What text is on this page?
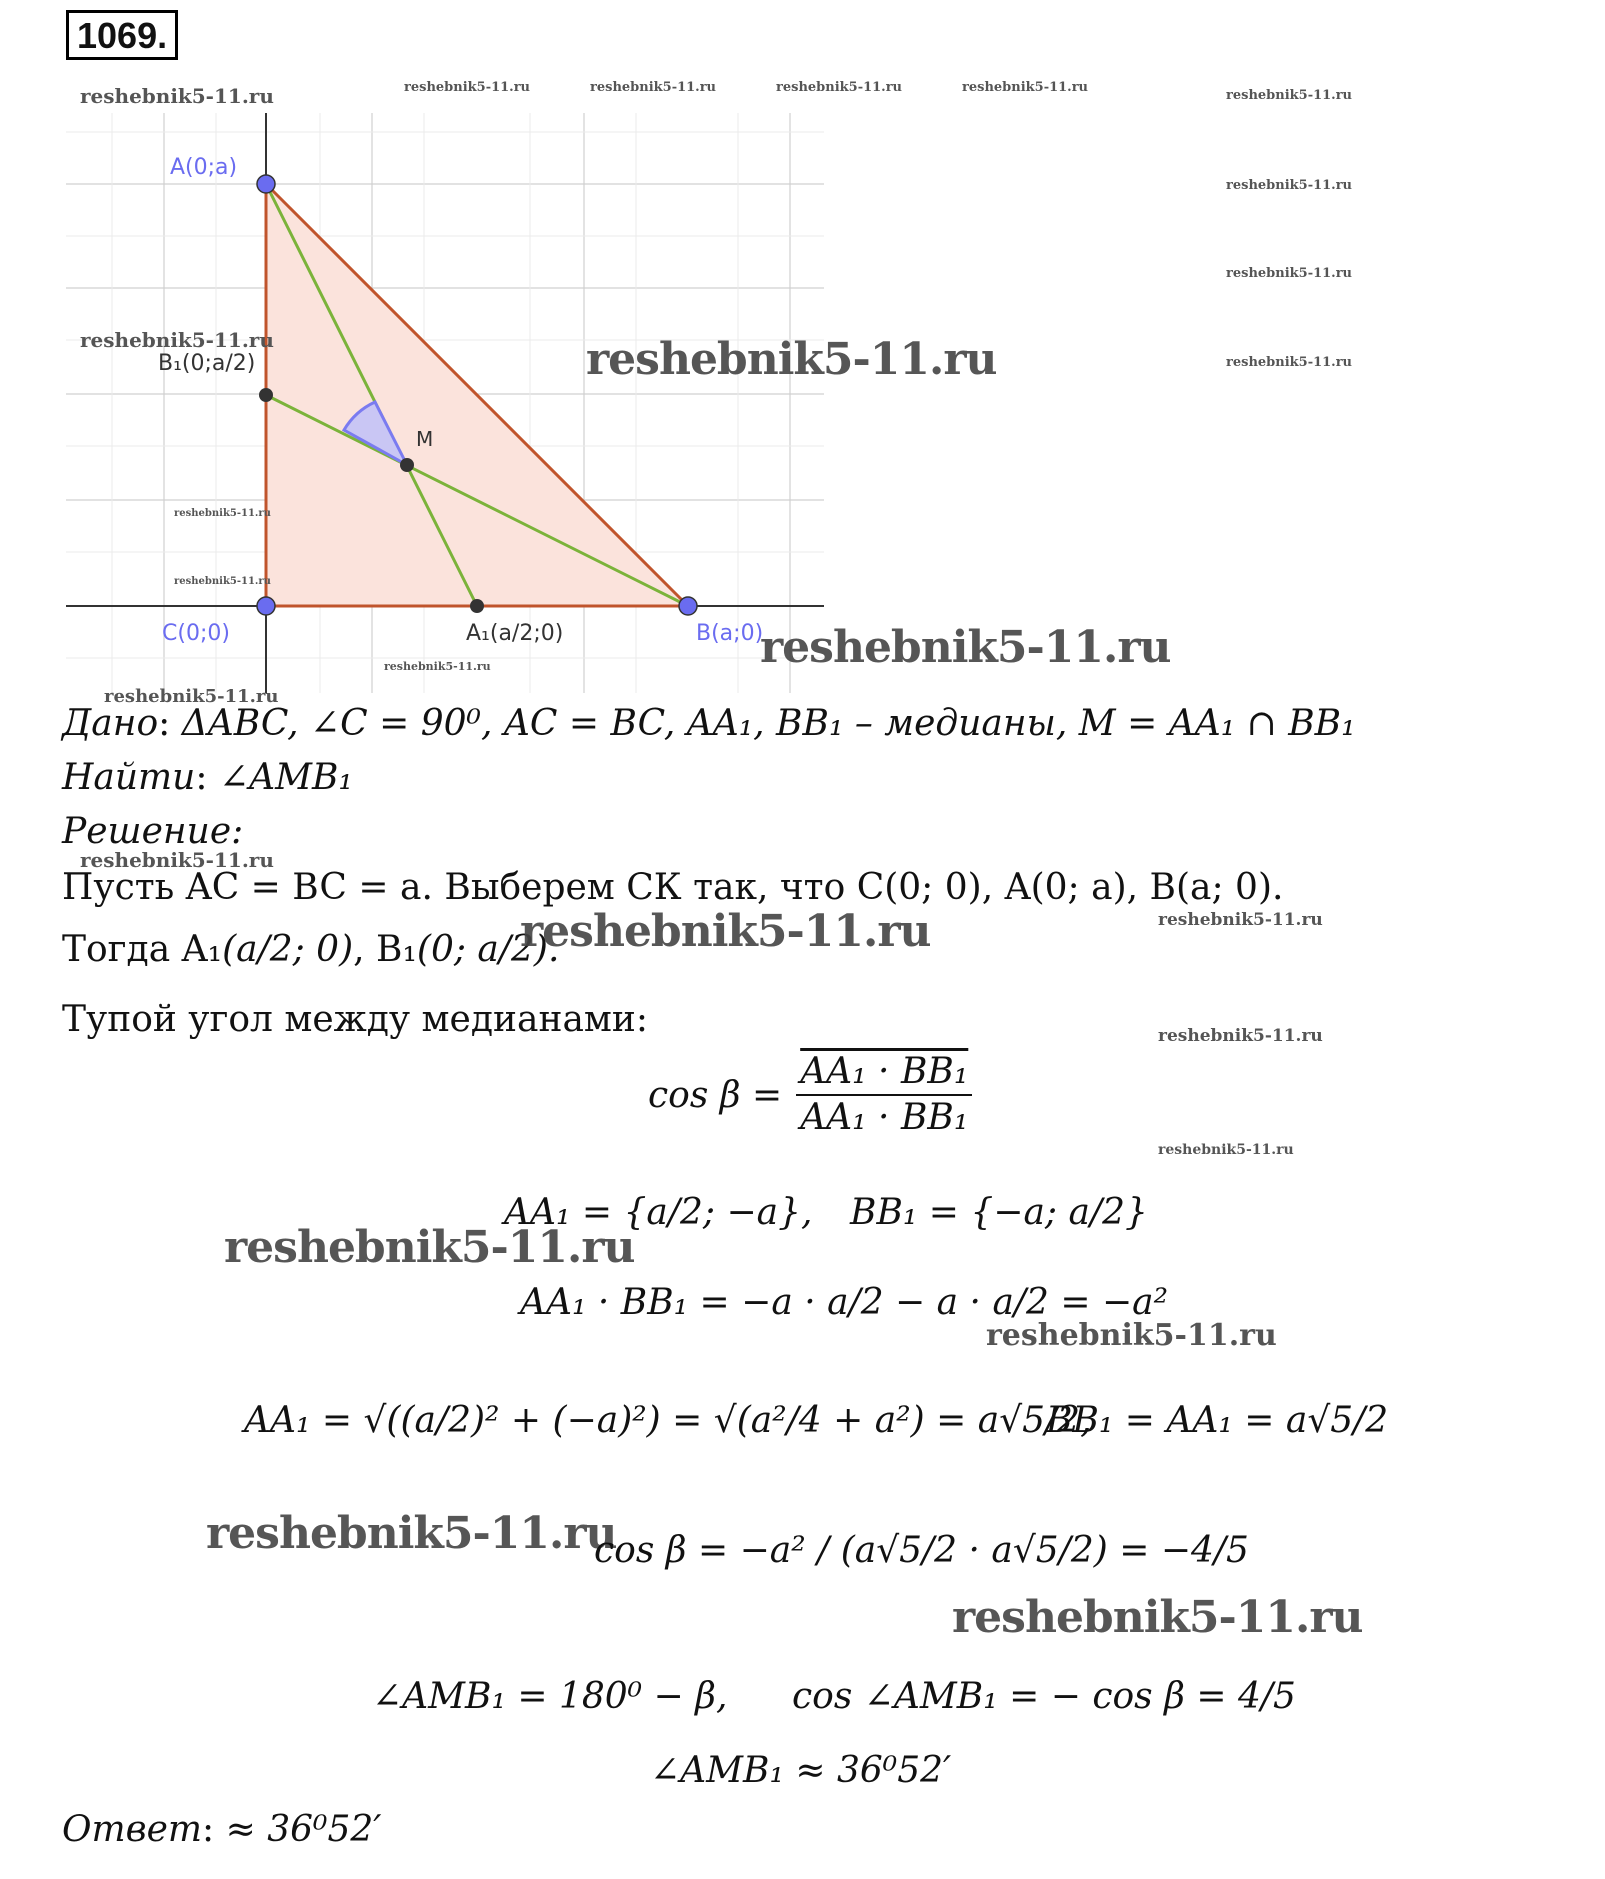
1069.
reshebnik5-11.ru	reshebnik5-11.ru	reshebnik5-11.ru	reshebnik5-11.ru	reshebnik5-11.ru
reshebnik5-11.ru
reshebnik5-11.ru
reshebnik5-11.ru
reshebnik5-11.ru
A(0;a)
C(0;0)	B(a;0)
B₁(0;a/2)
A₁(a/2;0)
M
reshebnik5-11.ru
reshebnik5-11.ru
reshebnik5-11.ru
reshebnik5-11.ru
reshebnik5-11.ru
reshebnik5-11.ru
reshebnik5-11.ru
Дано: ΔABC, ∠C = 90⁰, AC = BC, AA₁, BB₁ – медианы, M = AA₁ ∩ BB₁
Найти: ∠AMB₁
Решение:
reshebnik5-11.ru
Пусть AC = BC = a. Выберем СК так, что C(0; 0), A(0; a), B(a; 0).
Тогда A₁(a/2; 0), B₁(0; a/2).
reshebnik5-11.ru	reshebnik5-11.ru
Тупой угол между медианами:	reshebnik5-11.ru
$\cos \beta = \frac{\text{AA₁ · BB₁}}{\text{AA₁ · BB₁}}$
reshebnik5-11.ru
AA₁ = {a/2; −a}, BB₁ = {−a; a/2}
reshebnik5-11.ru
AA₁ · BB₁ = −a · a/2 − a · a/2 = −a²
reshebnik5-11.ru
AA₁ = √((a/2)² + (−a)²) = √(a²/4 + a²) = a√5/2,
BB₁ = AA₁ = a√5/2
reshebnik5-11.ru
cos β = −a² / (a√5/2 · a√5/2) = −4/5
reshebnik5-11.ru
∠AMB₁ = 180⁰ − β, cos ∠AMB₁ = − cos β = 4/5
∠AMB₁ ≈ 36⁰52′
Ответ: ≈ 36⁰52′
